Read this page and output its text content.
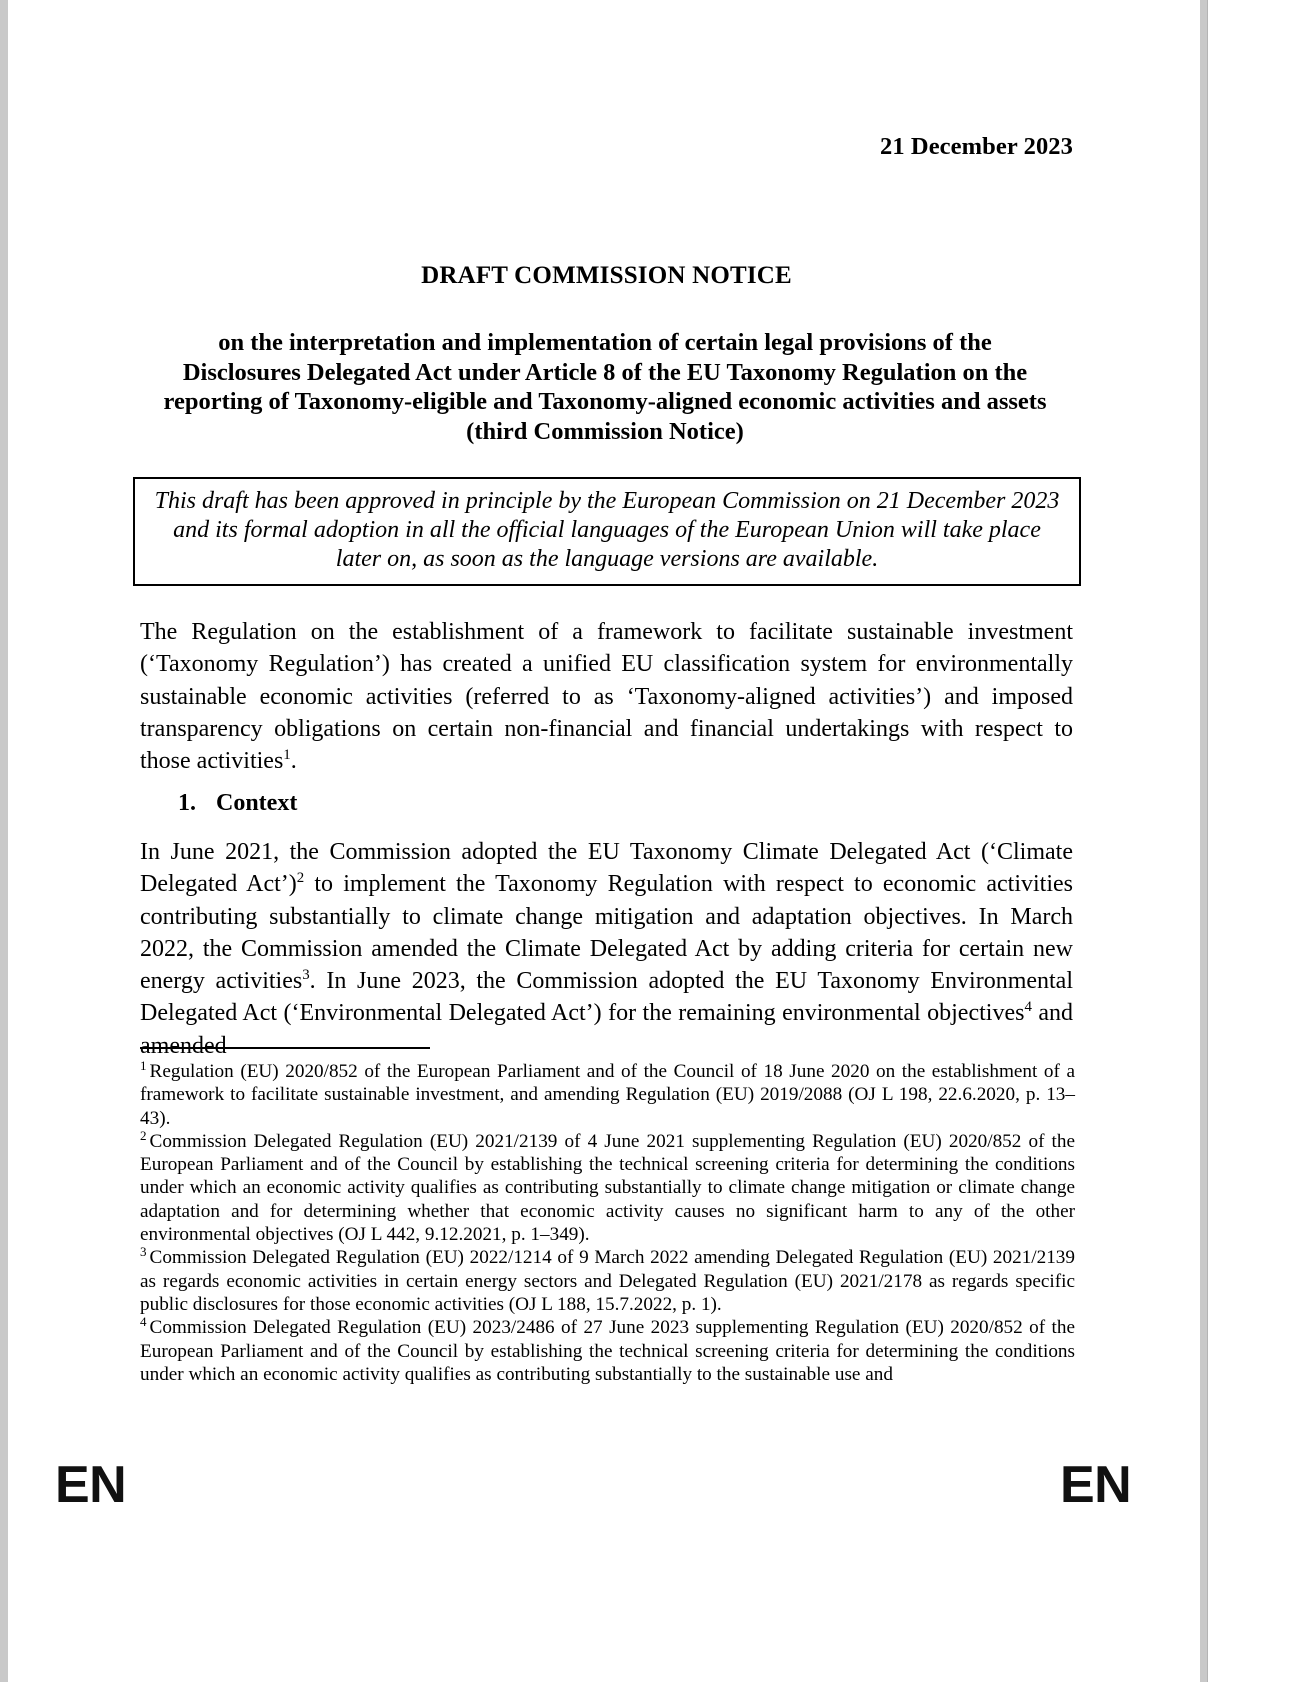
21 December 2023
DRAFT COMMISSION NOTICE
on the interpretation and implementation of certain legal provisions of the Disclosures Delegated Act under Article 8 of the EU Taxonomy Regulation on the reporting of Taxonomy-eligible and Taxonomy-aligned economic activities and assets (third Commission Notice)

This draft has been approved in principle by the European Commission on 21 December 2023 and its formal adoption in all the official languages of the European Union will take place later on, as soon as the language versions are available.

The Regulation on the establishment of a framework to facilitate sustainable investment (‘Taxonomy Regulation’) has created a unified EU classification system for environmentally sustainable economic activities (referred to as ‘Taxonomy-aligned activities’) and imposed transparency obligations on certain non-financial and financial undertakings with respect to those activities$^1$.
1. Context
In June 2021, the Commission adopted the EU Taxonomy Climate Delegated Act (‘Climate Delegated Act’)$^2$ to implement the Taxonomy Regulation with respect to economic activities contributing substantially to climate change mitigation and adaptation objectives. In March 2022, the Commission amended the Climate Delegated Act by adding criteria for certain new energy activities$^3$. In June 2023, the Commission adopted the EU Taxonomy Environmental Delegated Act (‘Environmental Delegated Act’) for the remaining environmental objectives$^4$ and amended

$^1$ Regulation (EU) 2020/852 of the European Parliament and of the Council of 18 June 2020 on the establishment of a framework to facilitate sustainable investment, and amending Regulation (EU) 2019/2088 (OJ L 198, 22.6.2020, p. 13–43).

$^2$ Commission Delegated Regulation (EU) 2021/2139 of 4 June 2021 supplementing Regulation (EU) 2020/852 of the European Parliament and of the Council by establishing the technical screening criteria for determining the conditions under which an economic activity qualifies as contributing substantially to climate change mitigation or climate change adaptation and for determining whether that economic activity causes no significant harm to any of the other environmental objectives (OJ L 442, 9.12.2021, p. 1–349).

$^3$ Commission Delegated Regulation (EU) 2022/1214 of 9 March 2022 amending Delegated Regulation (EU) 2021/2139 as regards economic activities in certain energy sectors and Delegated Regulation (EU) 2021/2178 as regards specific public disclosures for those economic activities (OJ L 188, 15.7.2022, p. 1).

$^4$ Commission Delegated Regulation (EU) 2023/2486 of 27 June 2023 supplementing Regulation (EU) 2020/852 of the European Parliament and of the Council by establishing the technical screening criteria for determining the conditions under which an economic activity qualifies as contributing substantially to the sustainable use and

EN	EN
